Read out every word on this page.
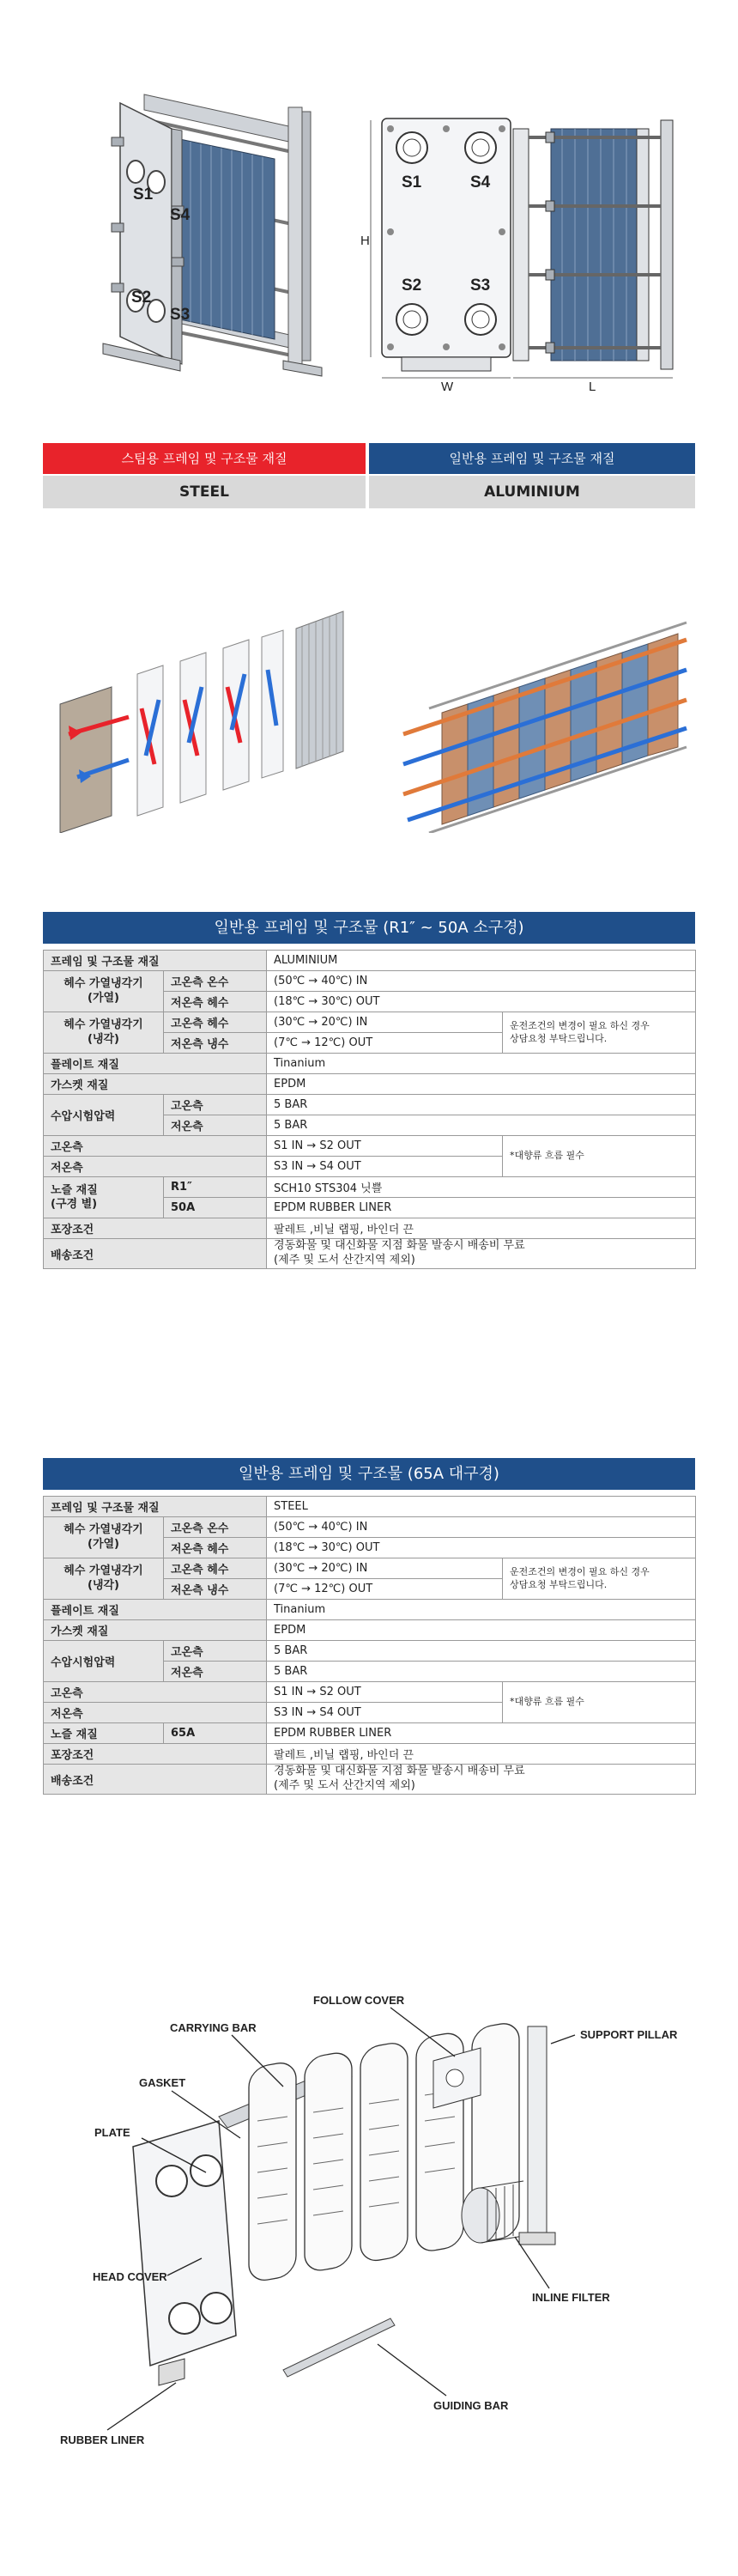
S1
S4
S2
S3
H
W
S1	S4
S2	S3
L
스팀용 프레임 및 구조물 재질	일반용 프레임 및 구조물 재질
STEEL	ALUMINIUM
일반용 프레임 및 구조물 (R1″ ~ 50A 소구경)
프레임 및 구조물 재질		ALUMINIUM	
헤수 가열냉각기
(가열)	고온측 온수	(50℃ → 40℃) IN	
	저온측 헤수	(18℃ → 30℃) OUT	
헤수 가열냉각기
(냉각)	고온측 헤수	(30℃ → 20℃) IN	운전조건의 변경이 필요 하신 경우
상담요청 부탁드립니다.
	저온측 냉수	(7℃ → 12℃) OUT	
플레이트 재질		Tinanium	
가스켓 재질		EPDM	
수압시험압력	고온측	5 BAR	
	저온측	5 BAR	
고온측		S1 IN → S2 OUT	*대향류 흐름 필수
저온측		S3 IN → S4 OUT	
노즐 재질
(구경 별)	R1″	SCH10 STS304 닛쁠	
	50A	EPDM RUBBER LINER	
포장조건		팔레트 ,비닐 랩핑, 바인더 끈	
배송조건		경동화물 및 대신화물 지점 화물 발송시 배송비 무료
(제주 및 도서 산간지역 제외)	
일반용 프레임 및 구조물 (65A 대구경)
프레임 및 구조물 재질		STEEL	
헤수 가열냉각기
(가열)	고온측 온수	(50℃ → 40℃) IN	
	저온측 헤수	(18℃ → 30℃) OUT	
헤수 가열냉각기
(냉각)	고온측 헤수	(30℃ → 20℃) IN	운전조건의 변경이 필요 하신 경우
상담요청 부탁드립니다.
	저온측 냉수	(7℃ → 12℃) OUT	
플레이트 재질		Tinanium	
가스켓 재질		EPDM	
수압시험압력	고온측	5 BAR	
	저온측	5 BAR	
고온측		S1 IN → S2 OUT	*대향류 흐름 필수
저온측		S3 IN → S4 OUT	
노즐 재질	65A	EPDM RUBBER LINER	
포장조건		팔레트 ,비닐 랩핑, 바인더 끈	
배송조건		경동화물 및 대신화물 지점 화물 발송시 배송비 무료
(제주 및 도서 산간지역 제외)	
FOLLOW COVER
CARRYING BAR
SUPPORT PILLAR
GASKET
PLATE
HEAD COVER
INLINE FILTER
GUIDING BAR
RUBBER LINER
